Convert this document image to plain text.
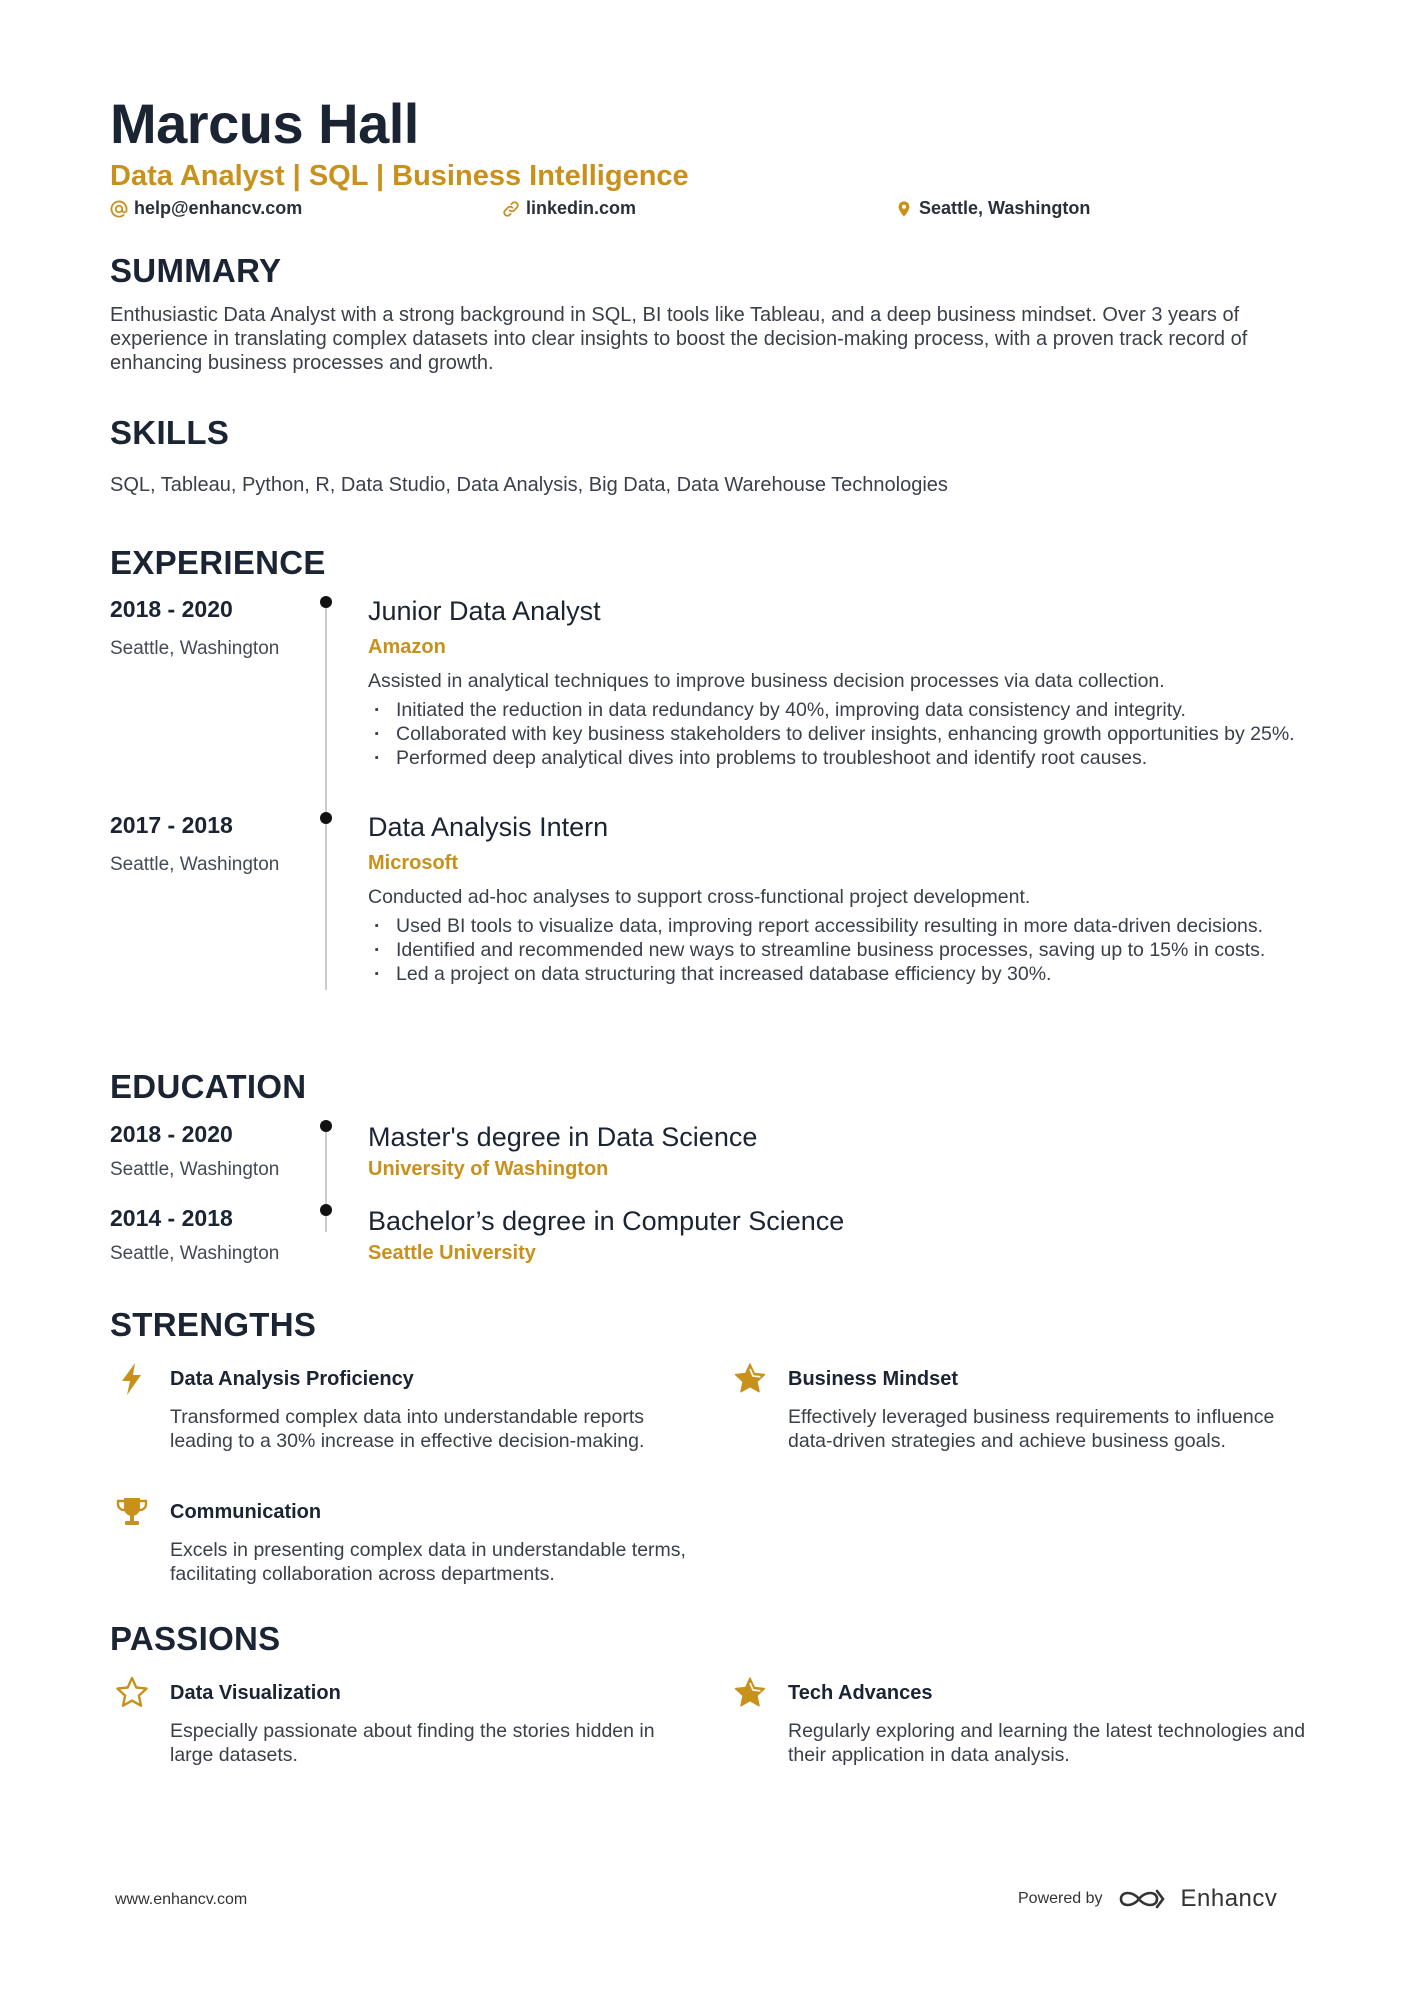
Marcus Hall
Data Analyst | SQL | Business Intelligence
help@enhancv.com	linkedin.com	Seattle, Washington
SUMMARY

Enthusiastic Data Analyst with a strong background in SQL, BI tools like Tableau, and a deep business mindset. Over 3 years of experience in translating complex datasets into clear insights to boost the decision-making process, with a proven track record of enhancing business processes and growth.

SKILLS

SQL, Tableau, Python, R, Data Studio, Data Analysis, Big Data, Data Warehouse Technologies

EXPERIENCE
2018 - 2020
Seattle, Washington
Junior Data Analyst
Amazon

Assisted in analytical techniques to improve business decision processes via data collection.

· Initiated the reduction in data redundancy by 40%, improving data consistency and integrity.
· Collaborated with key business stakeholders to deliver insights, enhancing growth opportunities by 25%.
· Performed deep analytical dives into problems to troubleshoot and identify root causes.
2017 - 2018
Seattle, Washington
Data Analysis Intern
Microsoft

Conducted ad-hoc analyses to support cross-functional project development.

· Used BI tools to visualize data, improving report accessibility resulting in more data-driven decisions.
· Identified and recommended new ways to streamline business processes, saving up to 15% in costs.
· Led a project on data structuring that increased database efficiency by 30%.
EDUCATION
2018 - 2020
Seattle, Washington
Master's degree in Data Science
University of Washington
2014 - 2018
Seattle, Washington
Bachelor’s degree in Computer Science
Seattle University
STRENGTHS
Data Analysis Proficiency

Transformed complex data into understandable reports leading to a 30% increase in effective decision-making.

Business Mindset

Effectively leveraged business requirements to influence data-driven strategies and achieve business goals.

Communication

Excels in presenting complex data in understandable terms, facilitating collaboration across departments.

PASSIONS
Data Visualization

Especially passionate about finding the stories hidden in large datasets.

Tech Advances

Regularly exploring and learning the latest technologies and their application in data analysis.

www.enhancv.com	Powered by	Enhancv
